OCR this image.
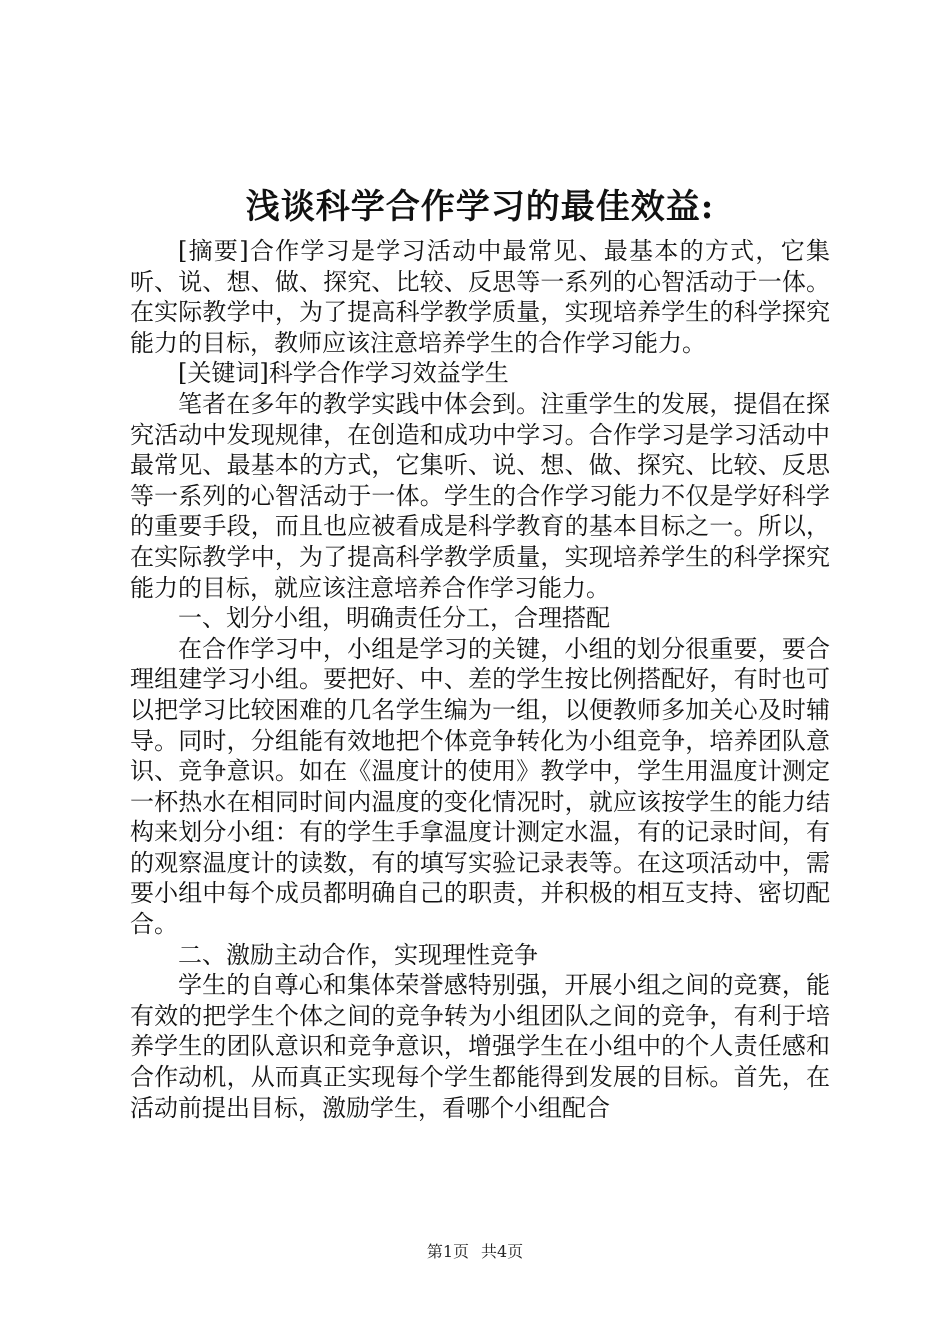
浅谈科学合作学习的最佳效益:

[摘要]合作学习是学习活动中最常见、最基本的方式，它集听、说、想、做、探究、比较、反思等一系列的心智活动于一体。在实际教学中，为了提高科学教学质量，实现培养学生的科学探究能力的目标，教师应该注意培养学生的合作学习能力。

[关键词]科学合作学习效益学生

笔者在多年的教学实践中体会到。注重学生的发展，提倡在探究活动中发现规律，在创造和成功中学习。合作学习是学习活动中最常见、最基本的方式，它集听、说、想、做、探究、比较、反思等一系列的心智活动于一体。学生的合作学习能力不仅是学好科学的重要手段，而且也应被看成是科学教育的基本目标之一。所以，在实际教学中，为了提高科学教学质量，实现培养学生的科学探究能力的目标，就应该注意培养合作学习能力。

一、划分小组，明确责任分工，合理搭配

在合作学习中，小组是学习的关键，小组的划分很重要，要合理组建学习小组。要把好、中、差的学生按比例搭配好，有时也可以把学习比较困难的几名学生编为一组，以便教师多加关心及时辅导。同时，分组能有效地把个体竞争转化为小组竞争，培养团队意识、竞争意识。如在《温度计的使用》教学中，学生用温度计测定一杯热水在相同时间内温度的变化情况时，就应该按学生的能力结构来划分小组：有的学生手拿温度计测定水温，有的记录时间，有的观察温度计的读数，有的填写实验记录表等。在这项活动中，需要小组中每个成员都明确自己的职责，并积极的相互支持、密切配合。

二、激励主动合作，实现理性竞争

学生的自尊心和集体荣誉感特别强，开展小组之间的竞赛，能有效的把学生个体之间的竞争转为小组团队之间的竞争，有利于培养学生的团队意识和竞争意识，增强学生在小组中的个人责任感和合作动机，从而真正实现每个学生都能得到发展的目标。首先，在活动前提出目标，激励学生，看哪个小组配合

第1页 共4页
